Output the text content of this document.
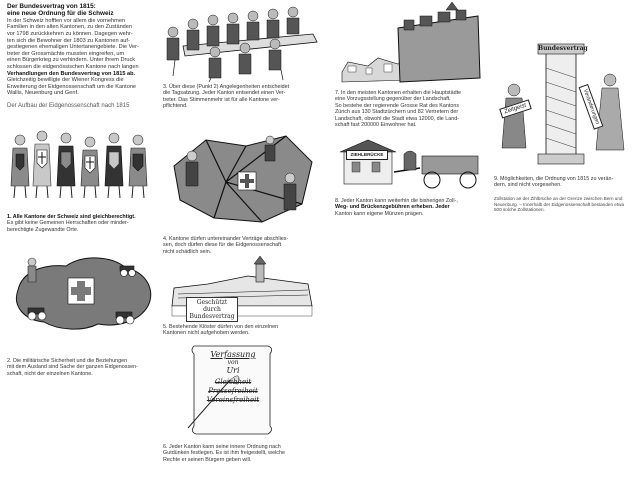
Der Bundesvertrag von 1815:
eine neue Ordnung für die Schweiz
In der Schweiz hofften vor allem die vornehmen
Familien in den alten Kantonen, zu den Zuständen
vor 1798 zurückkehren zu können. Dagegen wehr-
ten sich die Bewohner der 1803 zu Kantonen auf-
gestiegenen ehemaligen Untertanengebiete. Die Ver-
treter der Grossmächte mussten eingreifen, um
einen Bürgerkrieg zu verhindern. Unter ihrem Druck
schlossen die eidgenössischen Kantone nach langen
Verhandlungen den Bundesvertrag von 1815 ab.
Gleichzeitig bewilligte der Wiener Kongress die
Erweiterung der Eidgenossenschaft um die Kantone
Wallis, Neuenburg und Genf.
Der Aufbau der Eidgenossenschaft nach 1815
1. Alle Kantone der Schweiz sind gleichberechtigt.
Es gibt keine Gemeinen Herrschaften oder minder-
berechtigte Zugewandte Orte.
2. Die militärische Sicherheit und die Beziehungen
mit dem Ausland sind Sache der ganzen Eidgenossen-
schaft, nicht der einzelnen Kantone.
3. Über diese (Punkt 2) Angelegenheiten entscheidet
die Tagsatzung. Jeder Kanton entsendet einen Ver-
treter. Das Stimmenmehr ist für alle Kantone ver-
pflichtend.
4. Kantone dürfen untereinander Verträge abschlies-
sen, doch dürfen diese für die Eidgenossenschaft
nicht schädlich sein.
Geschützt durch
Bundesvertrag
5. Bestehende Klöster dürfen von den einzelnen
Kantonen nicht aufgehoben werden.
Verfassung
von
Uri
Gleichheit
Pressefreiheit
Vereinsfreiheit
6. Jeder Kanton kann seine innere Ordnung nach
Gutdünken festlegen. Es ist ihm freigestellt, welche
Rechte er seinen Bürgern geben will.
7. In den meisten Kantonen erhalten die Hauptstädte
eine Vorzugsstellung gegenüber der Landschaft.
So bestehe der regierende Grosse Rat des Kantons
Zürich aus 130 Stadtzürchern und 82 Vertretern der
Landschaft, obwohl die Stadt etwa 12000, die Land-
schaft fast 200000 Einwohner hat.
ZIEHLBRÜCKE
8. Jeder Kanton kann weiterhin die bisherigen Zoll-,
Weg- und Brückenzgebühren erheben. Jeder
Kanton kann eigene Münzen prägen.
Bundesvertrag
Zeitgeist	Veränderungen
9. Möglichkeiten, die Ordnung von 1815 zu verän-
dern, sind nicht vorgesehen.
Zollstation an der Zihlbrücke an der Grenze zwischen Bern und
Neuenburg. – Innerhalb der Eidgenossenschaft bestanden etwa
500 solche Zollstationen.
